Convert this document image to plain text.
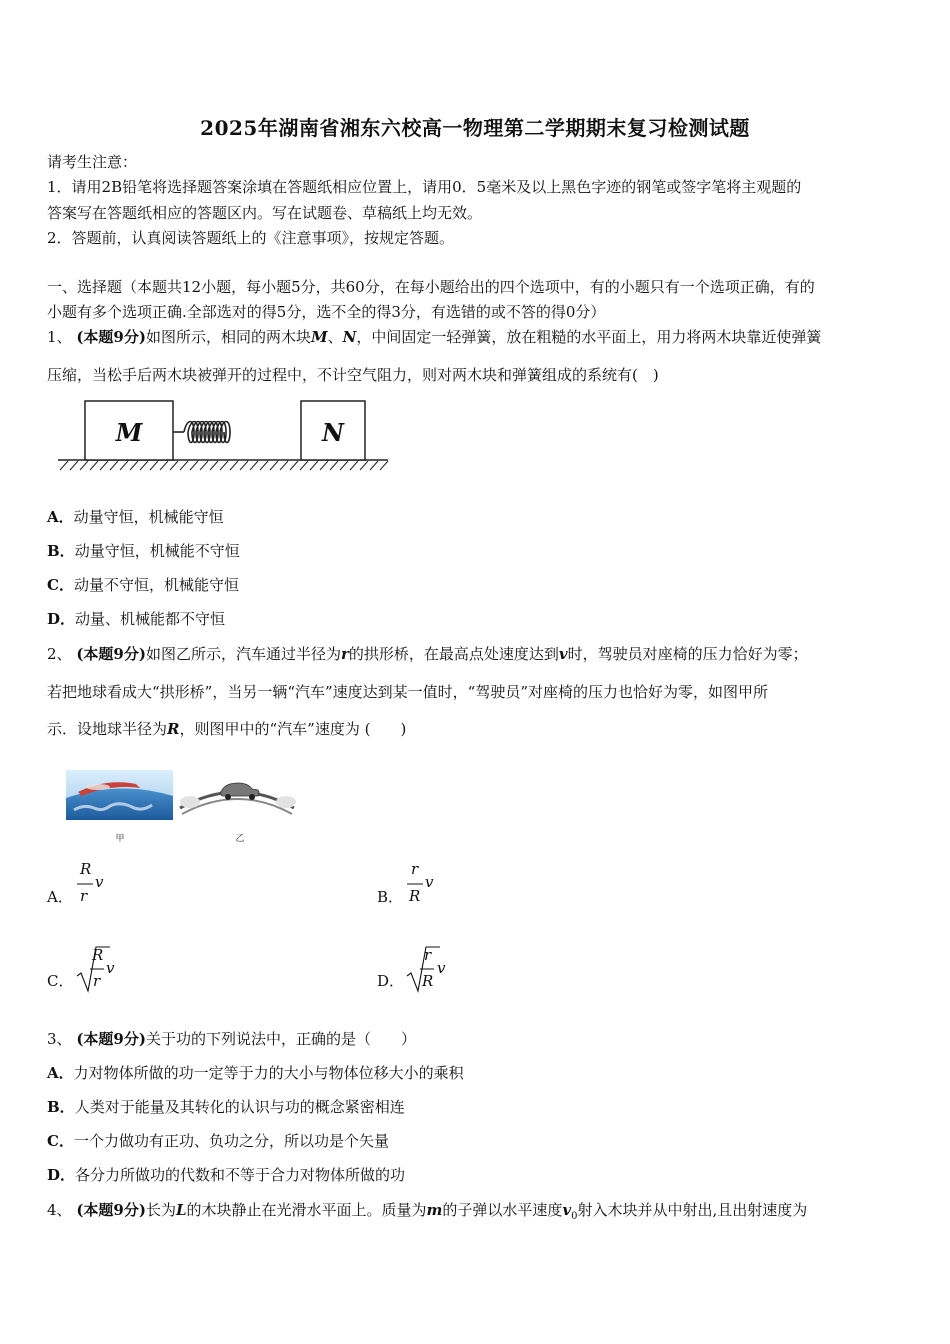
2025年湖南省湘东六校高一物理第二学期期末复习检测试题
请考生注意：
1．请用2B铅笔将选择题答案涂填在答题纸相应位置上，请用0．5毫米及以上黑色字迹的钢笔或签字笔将主观题的
答案写在答题纸相应的答题区内。写在试题卷、草稿纸上均无效。
2．答题前，认真阅读答题纸上的《注意事项》，按规定答题。
一、选择题（本题共12小题，每小题5分，共60分，在每小题给出的四个选项中，有的小题只有一个选项正确，有的
小题有多个选项正确.全部选对的得5分，选不全的得3分，有选错的或不答的得0分）
1、 (本题9分)如图所示，相同的两木块M、N，中间固定一轻弹簧，放在粗糙的水平面上，用力将两木块靠近使弹簧
压缩，当松手后两木块被弹开的过程中，不计空气阻力，则对两木块和弹簧组成的系统有(　)
M	N
A．动量守恒，机械能守恒
B．动量守恒，机械能不守恒
C．动量不守恒，机械能守恒
D．动量、机械能都不守恒
2、 (本题9分)如图乙所示，汽车通过半径为r的拱形桥，在最高点处速度达到v时，驾驶员对座椅的压力恰好为零；
若把地球看成大“拱形桥”，当另一辆“汽车”速度达到某一值时，“驾驶员”对座椅的压力也恰好为零，如图甲所
示．设地球半径为R，则图甲中的“汽车”速度为 (　　)
甲	乙
A．
R
r
v
B．
r
R
v
C．
R
r
v
D．
r
R
v
3、 (本题9分)关于功的下列说法中，正确的是（　　）
A．力对物体所做的功一定等于力的大小与物体位移大小的乘积
B．人类对于能量及其转化的认识与功的概念紧密相连
C．一个力做功有正功、负功之分，所以功是个矢量
D．各分力所做功的代数和不等于合力对物体所做的功
4、 (本题9分)长为L的木块静止在光滑水平面上。质量为m的子弹以水平速度$v_0$射入木块并从中射出,且出射速度为
